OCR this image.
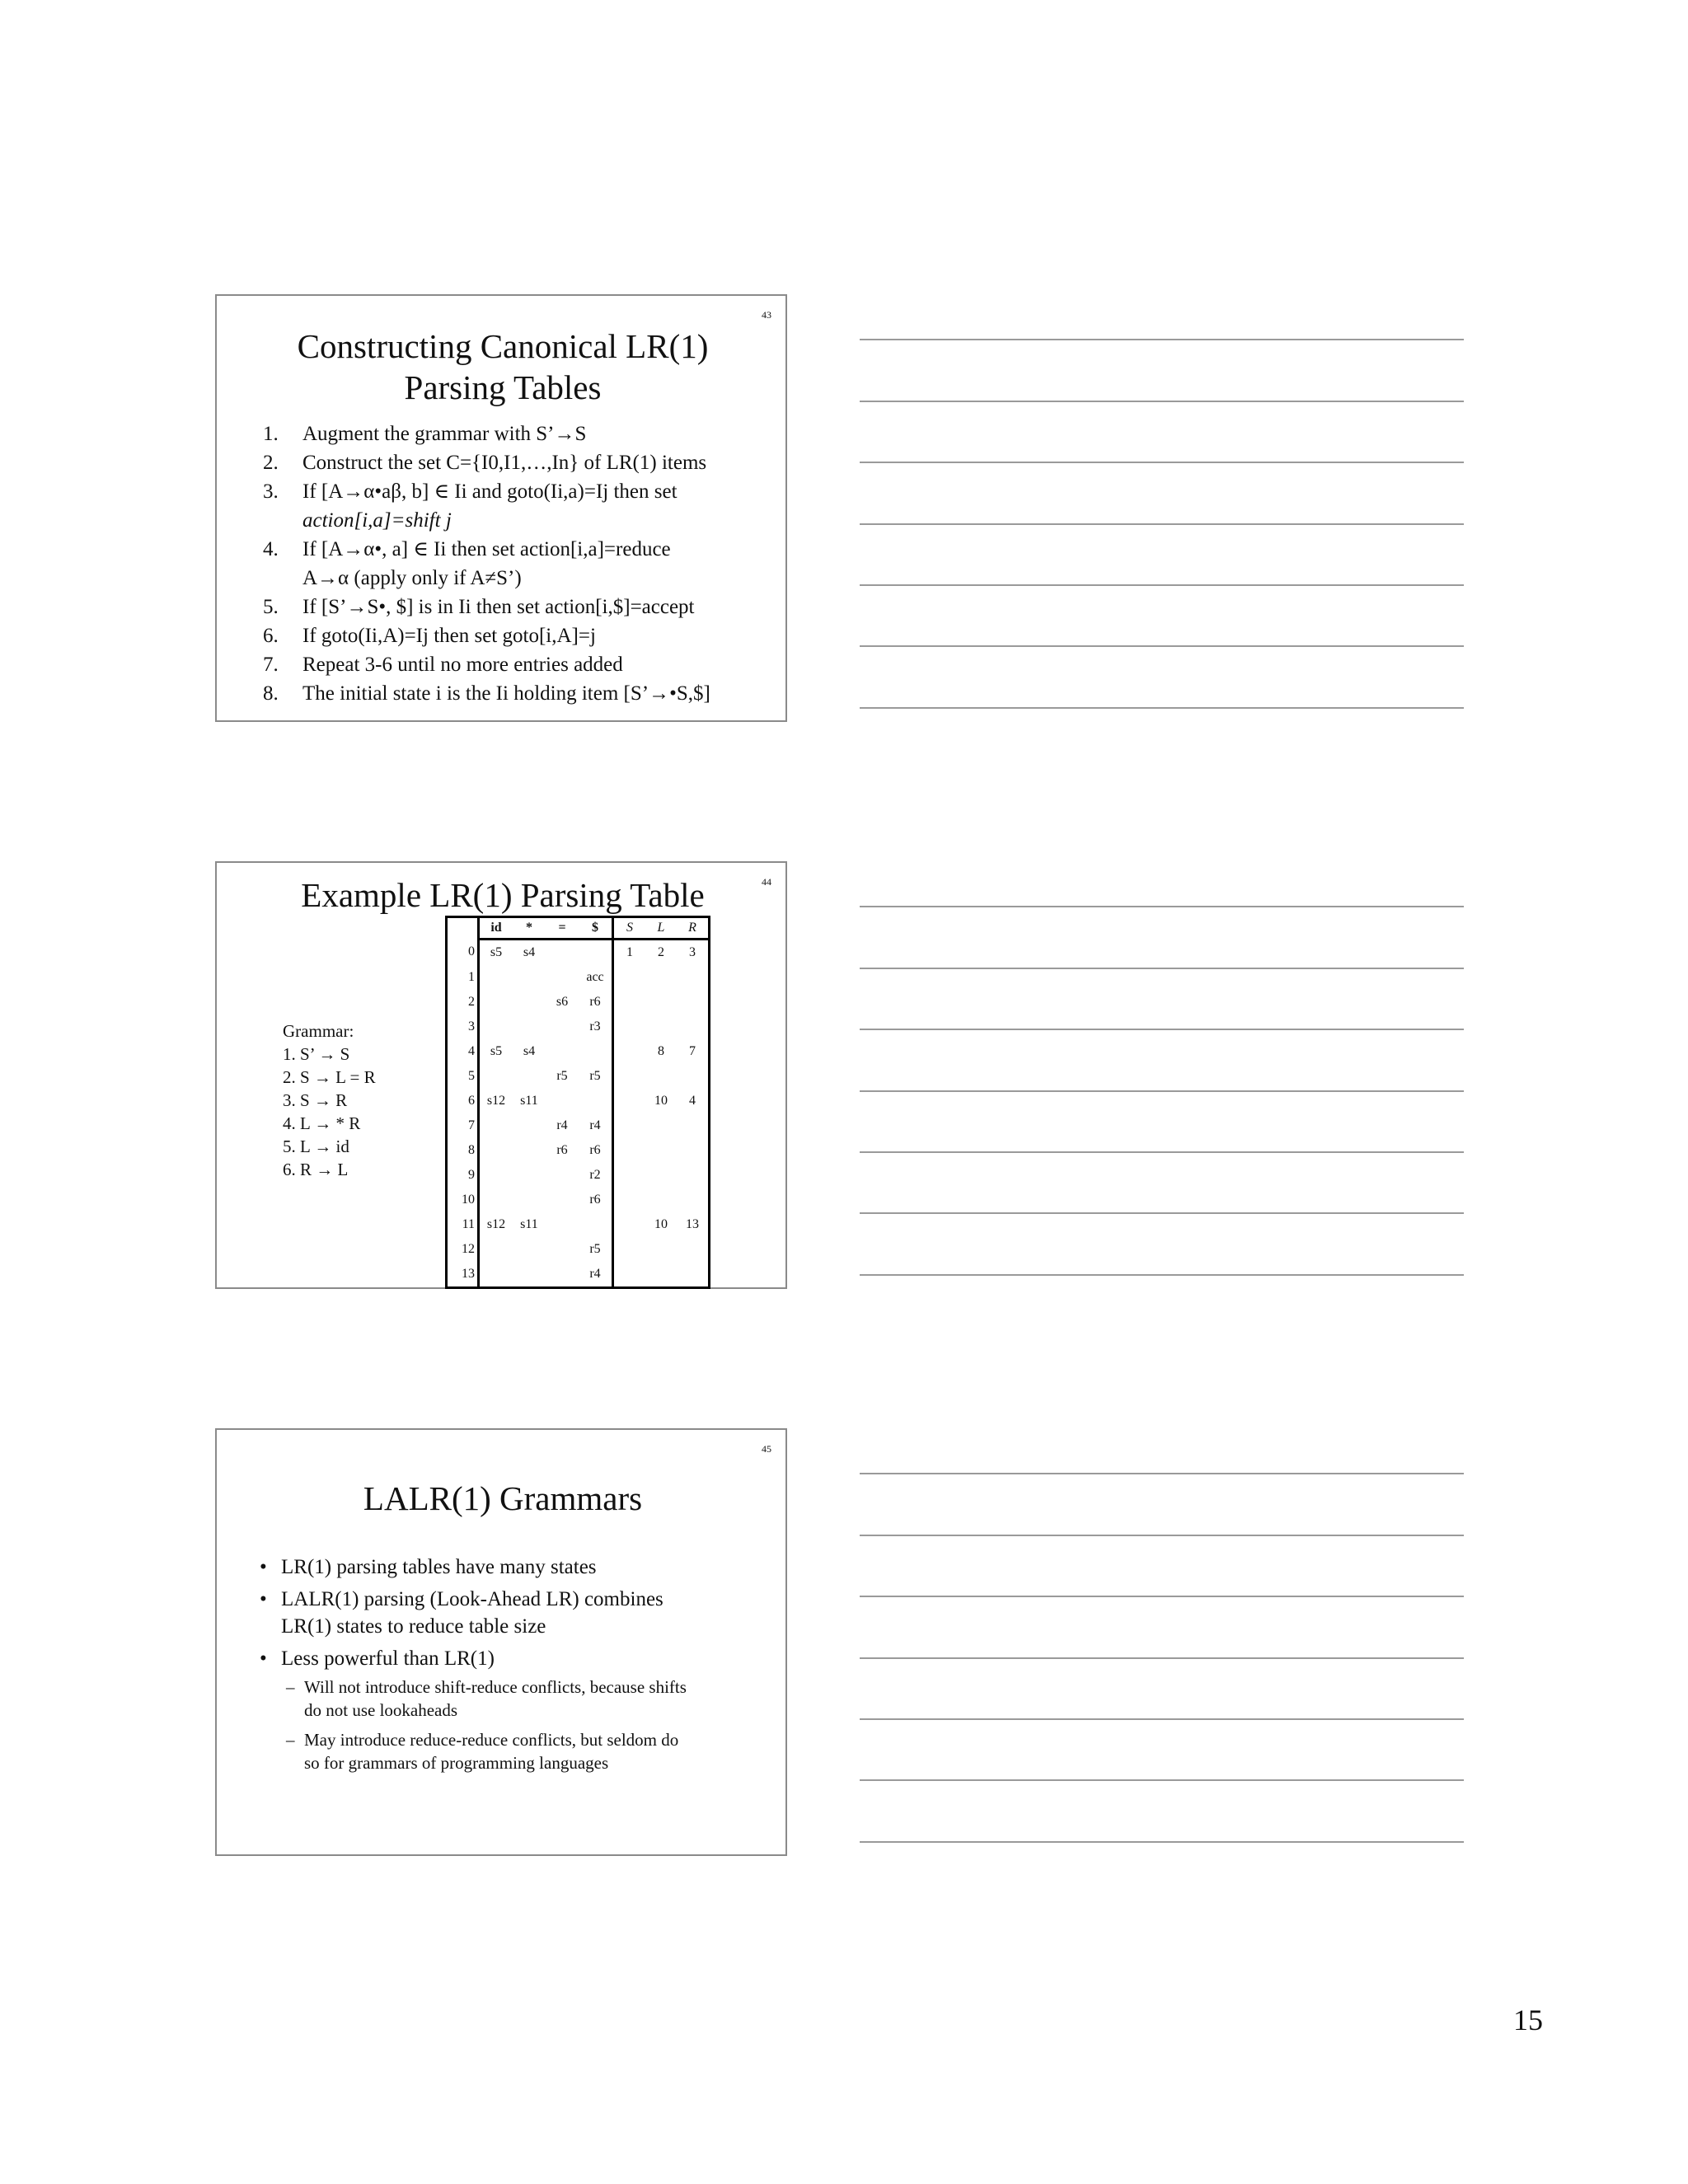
43
Constructing Canonical LR(1)
Parsing Tables
1. Augment the grammar with S’→S
2. Construct the set C={I0,I1,…,In} of LR(1) items
3. If [A→α•aβ, b] ∈ Ii and goto(Ii,a)=Ij then set
action[i,a]=shift j
4. If [A→α•, a] ∈ Ii then set action[i,a]=reduce
A→α (apply only if A≠S’)
5. If [S’→S•, $] is in Ii then set action[i,$]=accept
6. If goto(Ii,A)=Ij then set goto[i,A]=j
7. Repeat 3-6 until no more entries added
8. The initial state i is the Ii holding item [S’→•S,$]
44
Example LR(1) Parsing Table
Grammar:
1. S’ → S
2. S → L = R
3. S → R
4. L → * R
5. L → id
6. R → L
	id	*	=	$	S	L	R
0	s5	s4			1	2	3
1				acc			
2			s6	r6			
3				r3			
4	s5	s4				8	7
5			r5	r5			
6	s12	s11				10	4
7			r4	r4			
8			r6	r6			
9				r2			
10				r6			
11	s12	s11				10	13
12				r5			
13				r4			
45
LALR(1) Grammars
• LR(1) parsing tables have many states
• LALR(1) parsing (Look-Ahead LR) combines
LR(1) states to reduce table size
• Less powerful than LR(1)
– Will not introduce shift-reduce conflicts, because shifts
do not use lookaheads
– May introduce reduce-reduce conflicts, but seldom do
so for grammars of programming languages
15
